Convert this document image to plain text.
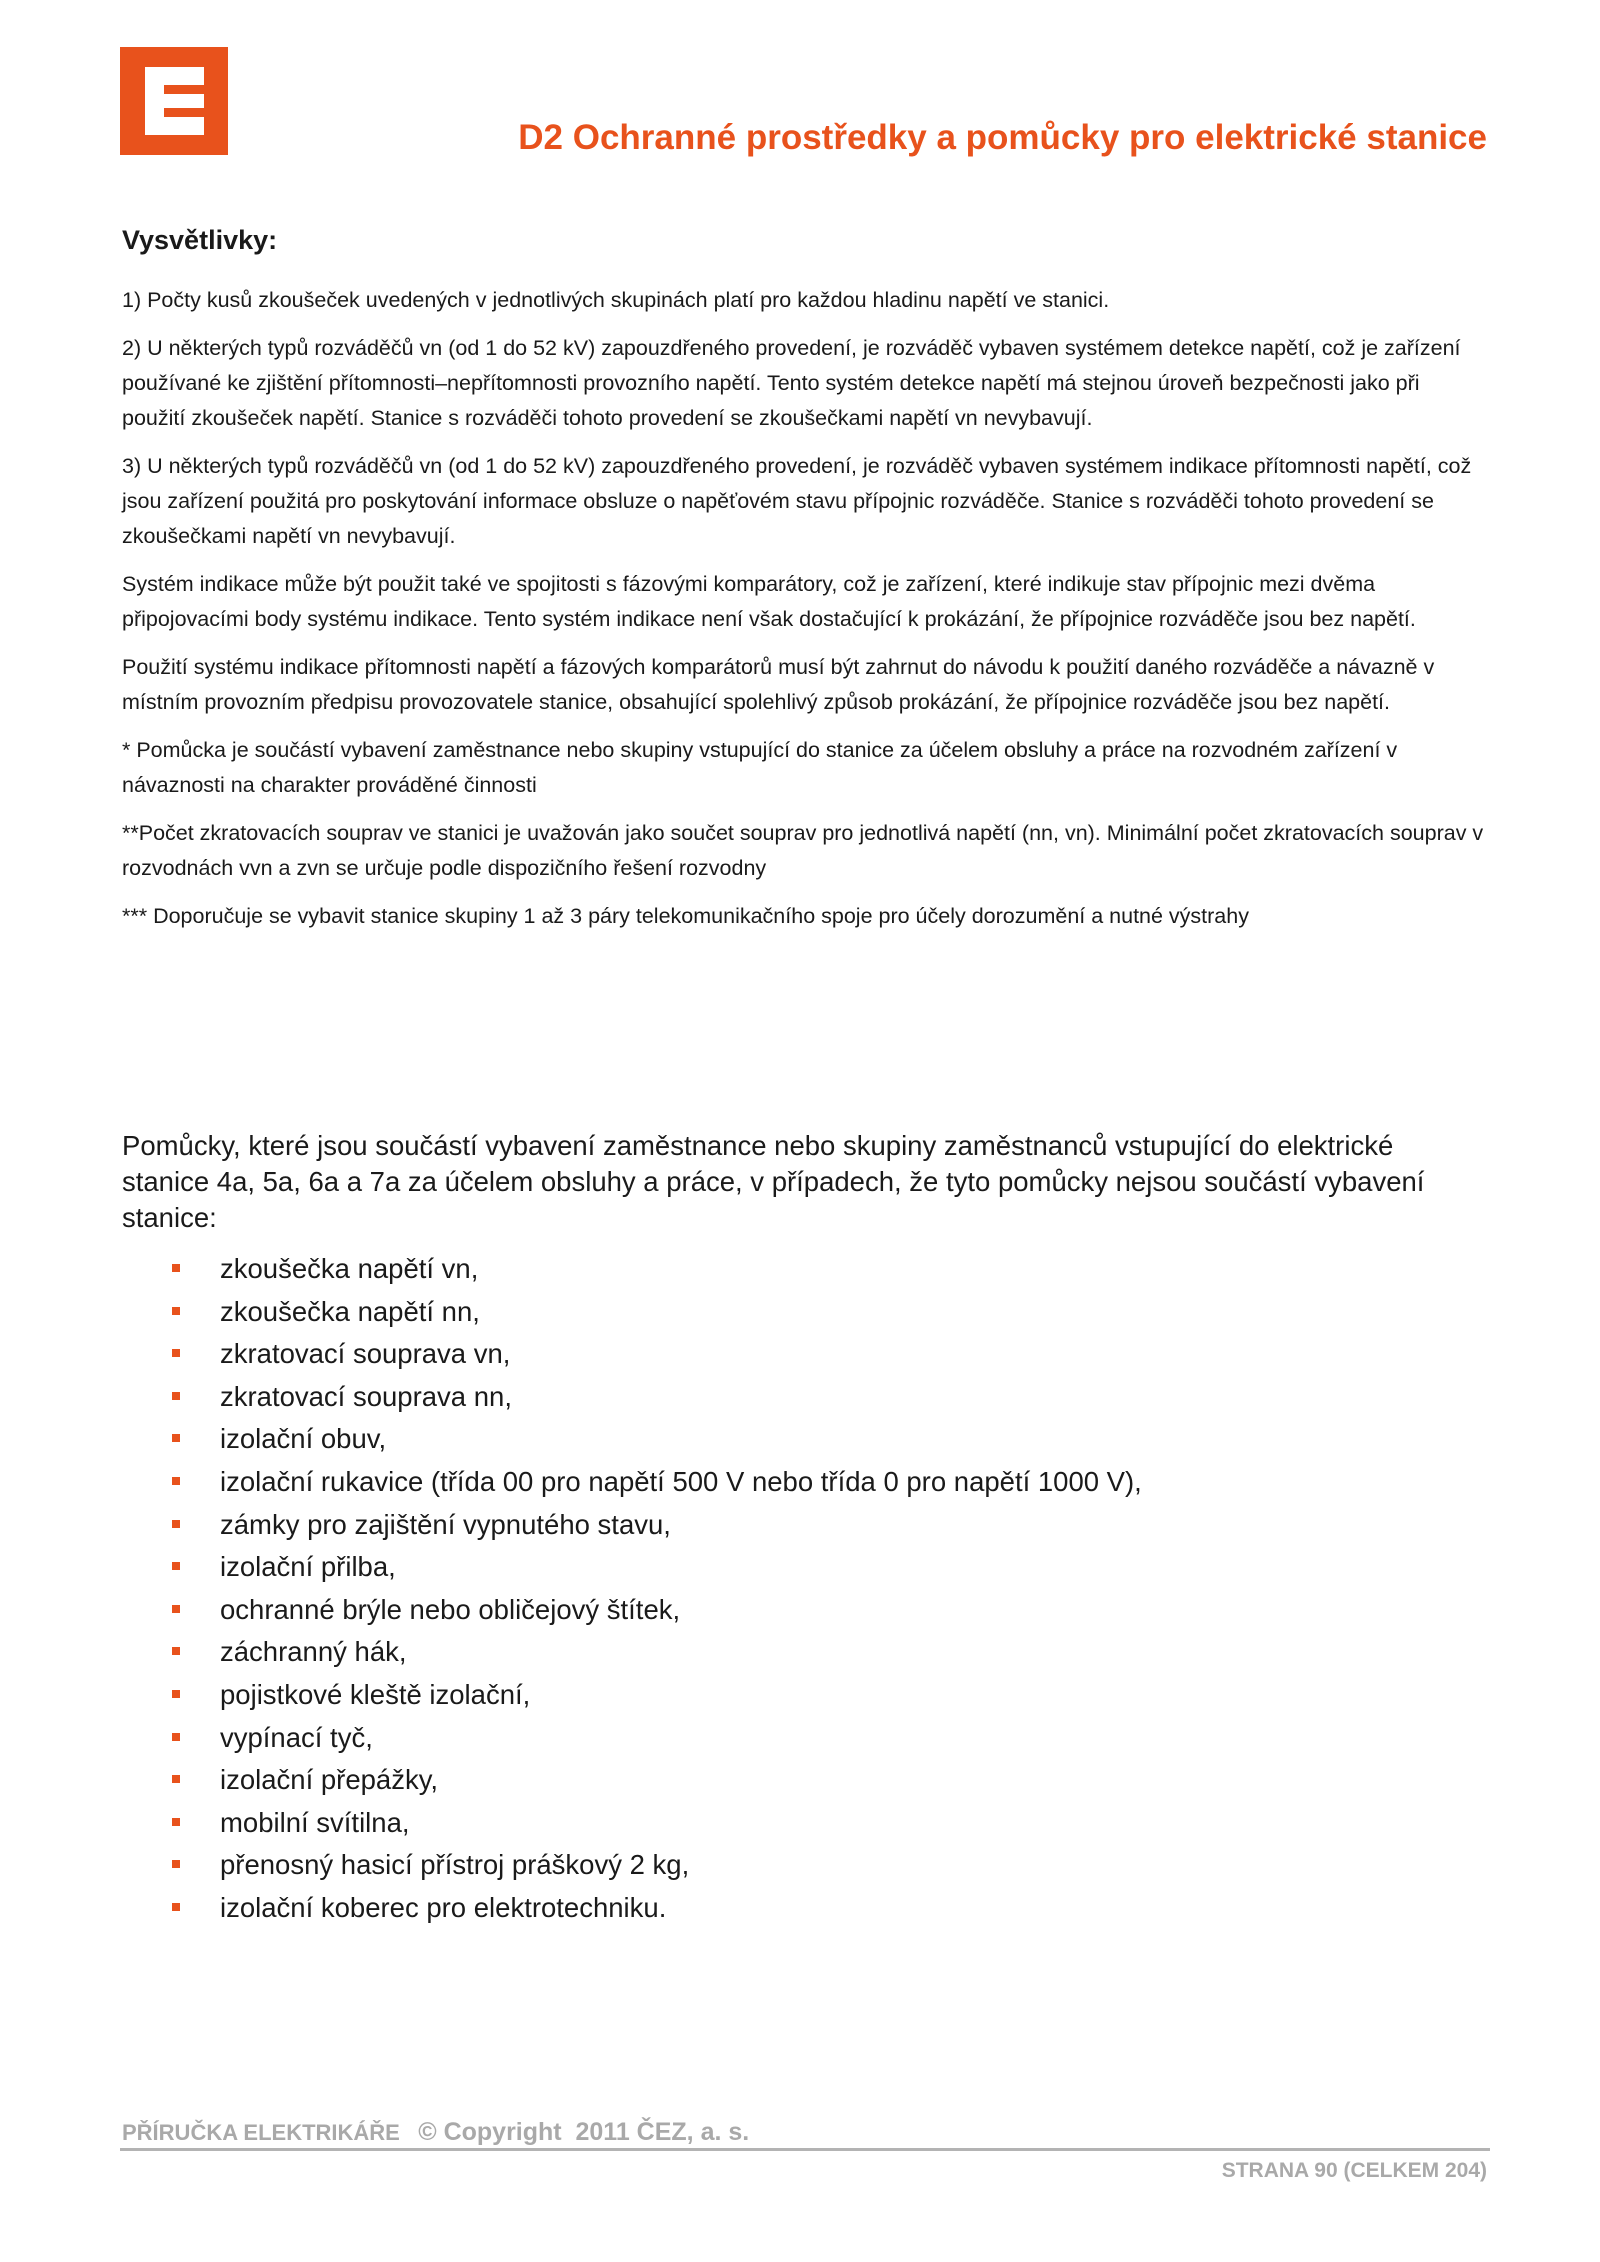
D2 Ochranné prostředky a pomůcky pro elektrické stanice
Vysvětlivky:

1) Počty kusů zkoušeček uvedených v jednotlivých skupinách platí pro každou hladinu napětí ve stanici.

2) U některých typů rozváděčů vn (od 1 do 52 kV) zapouzdřeného provedení, je rozváděč vybaven systémem detekce napětí, což je zařízení používané ke zjištění přítomnosti–nepřítomnosti provozního napětí. Tento systém detekce napětí má stejnou úroveň bezpečnosti jako při použití zkoušeček napětí. Stanice s rozváděči tohoto provedení se zkoušečkami napětí vn nevybavují.

3) U některých typů rozváděčů vn (od 1 do 52 kV) zapouzdřeného provedení, je rozváděč vybaven systémem indikace přítomnosti napětí, což jsou zařízení použitá pro poskytování informace obsluze o napěťovém stavu přípojnic rozváděče. Stanice s rozváděči tohoto provedení se zkoušečkami napětí vn nevybavují.

Systém indikace může být použit také ve spojitosti s fázovými komparátory, což je zařízení, které indikuje stav přípojnic mezi dvěma připojovacími body systému indikace. Tento systém indikace není však dostačující k prokázání, že přípojnice rozváděče jsou bez napětí.

Použití systému indikace přítomnosti napětí a fázových komparátorů musí být zahrnut do návodu k použití daného rozváděče a návazně v místním provozním předpisu provozovatele stanice, obsahující spolehlivý způsob prokázání, že přípojnice rozváděče jsou bez napětí.

* Pomůcka je součástí vybavení zaměstnance nebo skupiny vstupující do stanice za účelem obsluhy a práce na rozvodném zařízení v návaznosti na charakter prováděné činnosti

**Počet zkratovacích souprav ve stanici je uvažován jako součet souprav pro jednotlivá napětí (nn, vn). Minimální počet zkratovacích souprav v rozvodnách vvn a zvn se určuje podle dispozičního řešení rozvodny

*** Doporučuje se vybavit stanice skupiny 1 až 3 páry telekomunikačního spoje pro účely dorozumění a nutné výstrahy

Pomůcky, které jsou součástí vybavení zaměstnance nebo skupiny zaměstnanců vstupující do elektrické stanice 4a, 5a, 6a a 7a za účelem obsluhy a práce, v případech, že tyto pomůcky nejsou součástí vybavení stanice:
zkoušečka napětí vn,
zkoušečka napětí nn,
zkratovací souprava vn,
zkratovací souprava nn,
izolační obuv,
izolační rukavice (třída 00 pro napětí 500 V nebo třída 0 pro napětí 1000 V),
zámky pro zajištění vypnutého stavu,
izolační přilba,
ochranné brýle nebo obličejový štítek,
záchranný hák,
pojistkové kleště izolační,
vypínací tyč,
izolační přepážky,
mobilní svítilna,
přenosný hasicí přístroj práškový 2 kg,
izolační koberec pro elektrotechniku.
PŘÍRUČKA ELEKTRIKÁŘE © Copyright  2011 ČEZ, a. s.
STRANA 90 (CELKEM 204)
